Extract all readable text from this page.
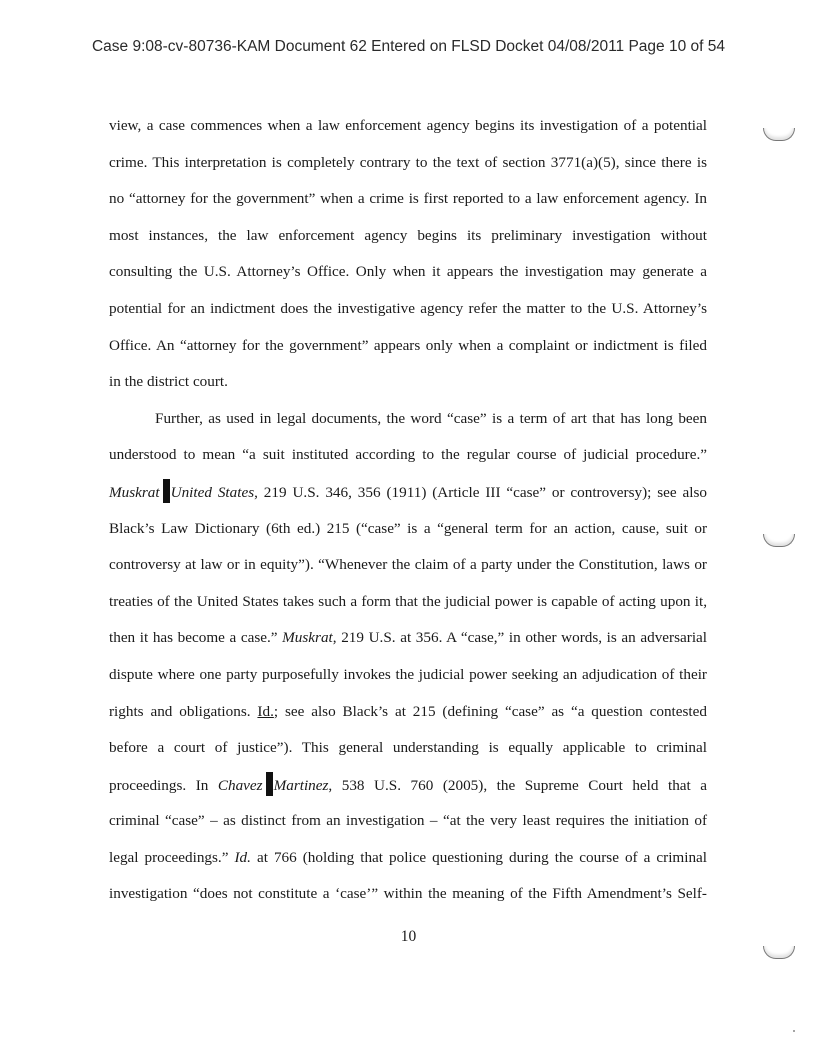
Case 9:08-cv-80736-KAM Document 62 Entered on FLSD Docket 04/08/2011 Page 10 of 54
view, a case commences when a law enforcement agency begins its investigation of a potential
crime. This interpretation is completely contrary to the text of section 3771(a)(5), since there is
no “attorney for the government” when a crime is first reported to a law enforcement agency. In
most instances, the law enforcement agency begins its preliminary investigation without
consulting the U.S. Attorney’s Office. Only when it appears the investigation may generate a
potential for an indictment does the investigative agency refer the matter to the U.S. Attorney’s
Office. An “attorney for the government” appears only when a complaint or indictment is filed
in the district court.
Further, as used in legal documents, the word “case” is a term of art that has long been
understood to mean “a suit instituted according to the regular course of judicial procedure.”
Muskrat United States, 219 U.S. 346, 356 (1911) (Article III “case” or controversy); see also
Black’s Law Dictionary (6th ed.) 215 (“case” is a “general term for an action, cause, suit or
controversy at law or in equity”). “Whenever the claim of a party under the Constitution, laws or
treaties of the United States takes such a form that the judicial power is capable of acting upon it,
then it has become a case.” Muskrat, 219 U.S. at 356. A “case,” in other words, is an adversarial
dispute where one party purposefully invokes the judicial power seeking an adjudication of their
rights and obligations. Id.; see also Black’s at 215 (defining “case” as “a question contested
before a court of justice”). This general understanding is equally applicable to criminal
proceedings. In Chavez Martinez, 538 U.S. 760 (2005), the Supreme Court held that a
criminal “case” – as distinct from an investigation – “at the very least requires the initiation of
legal proceedings.” Id. at 766 (holding that police questioning during the course of a criminal
investigation “does not constitute a ‘case’” within the meaning of the Fifth Amendment’s Self-
10
